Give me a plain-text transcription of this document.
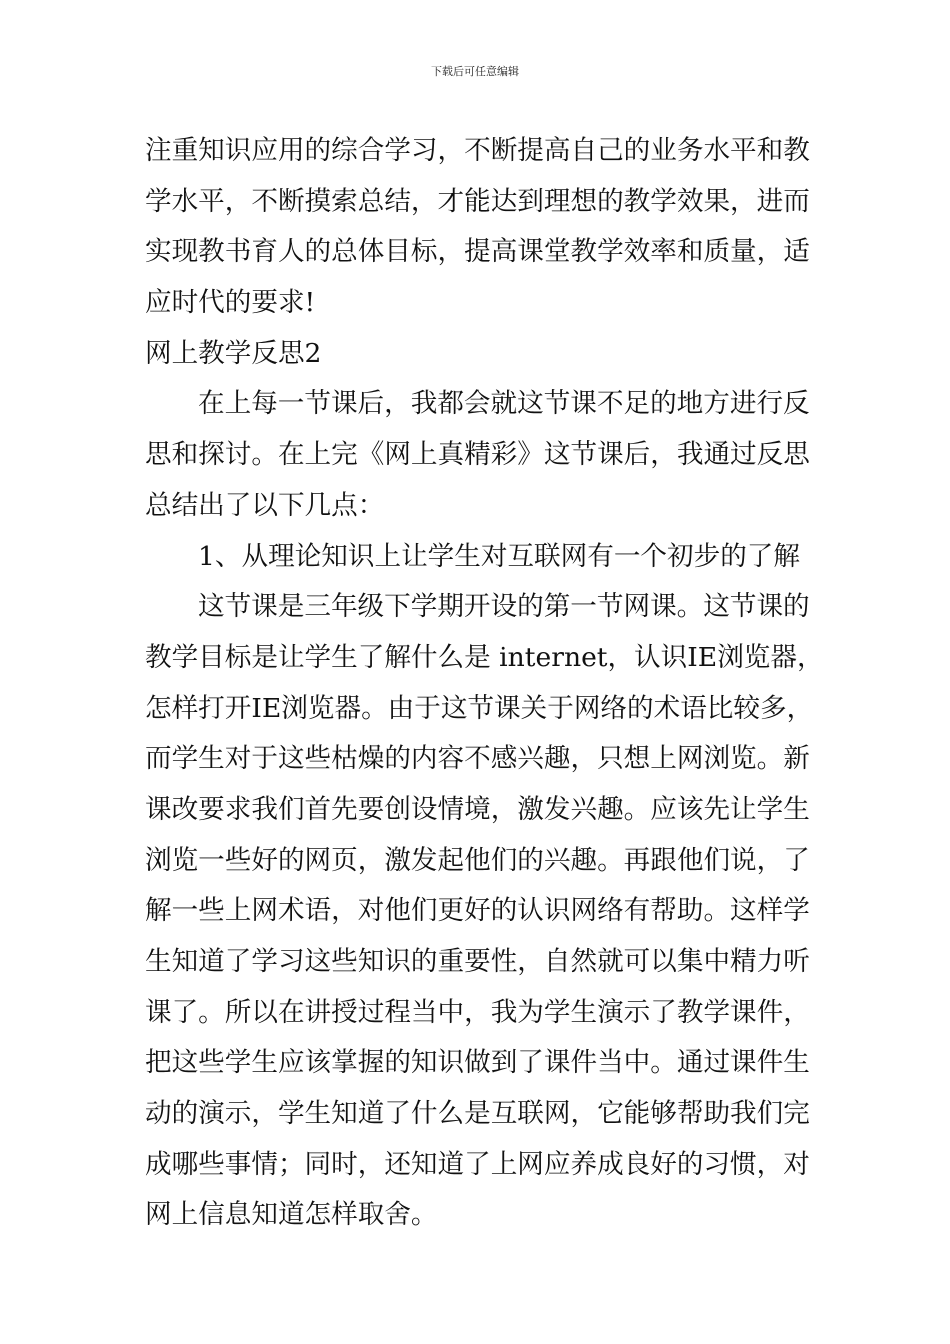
下载后可任意编辑
注重知识应用的综合学习，不断提高自己的业务水平和教
学水平，不断摸索总结，才能达到理想的教学效果，进而
实现教书育人的总体目标，提高课堂教学效率和质量，适
应时代的要求!
网上教学反思2
在上每一节课后，我都会就这节课不足的地方进行反
思和探讨。在上完《网上真精彩》这节课后，我通过反思
总结出了以下几点：
1、从理论知识上让学生对互联网有一个初步的了解
这节课是三年级下学期开设的第一节网课。这节课的
教学目标是让学生了解什么是 internet，认识IE浏览器，
怎样打开IE浏览器。由于这节课关于网络的术语比较多，
而学生对于这些枯燥的内容不感兴趣，只想上网浏览。新
课改要求我们首先要创设情境，激发兴趣。应该先让学生
浏览一些好的网页，激发起他们的兴趣。再跟他们说，了
解一些上网术语，对他们更好的认识网络有帮助。这样学
生知道了学习这些知识的重要性，自然就可以集中精力听
课了。所以在讲授过程当中，我为学生演示了教学课件，
把这些学生应该掌握的知识做到了课件当中。通过课件生
动的演示，学生知道了什么是互联网，它能够帮助我们完
成哪些事情；同时，还知道了上网应养成良好的习惯，对
网上信息知道怎样取舍。
